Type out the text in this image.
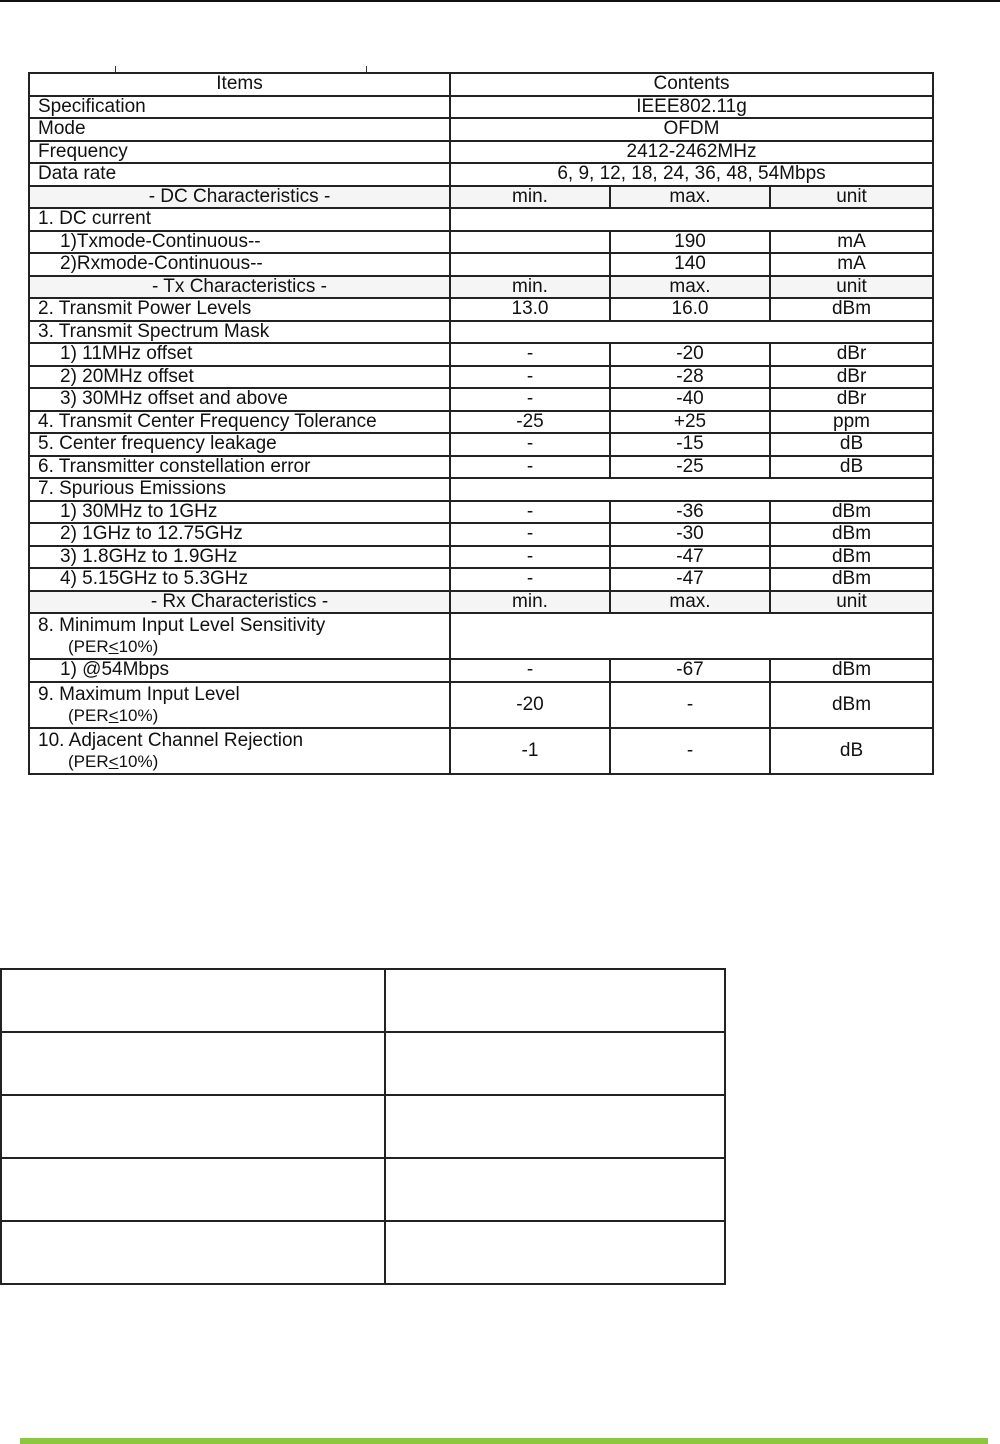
Items	Contents		
Specification	IEEE802.11g		
Mode	OFDM		
Frequency	2412-2462MHz		
Data rate	6, 9, 12, 18, 24, 36, 48, 54Mbps		
- DC Characteristics -	min.	max.	unit
1. DC current			
1)Txmode-Continuous--		190	mA
2)Rxmode-Continuous--		140	mA
- Tx Characteristics -	min.	max.	unit
2. Transmit Power Levels	13.0	16.0	dBm
3. Transmit Spectrum Mask			
1) 11MHz offset	-	-20	dBr
2) 20MHz offset	-	-28	dBr
3) 30MHz offset and above	-	-40	dBr
4. Transmit Center Frequency Tolerance	-25	+25	ppm
5. Center frequency leakage	-	-15	dB
6. Transmitter constellation error	-	-25	dB
7. Spurious Emissions			
1) 30MHz to 1GHz	-	-36	dBm
2) 1GHz to 12.75GHz	-	-30	dBm
3) 1.8GHz to 1.9GHz	-	-47	dBm
4) 5.15GHz to 5.3GHz	-	-47	dBm
- Rx Characteristics -	min.	max.	unit
8. Minimum Input Level Sensitivity
(PER<10%)			

1) @54Mbps	-	-67	dBm
9. Maximum Input Level
(PER<10%)	-20	-	dBm
10. Adjacent Channel Rejection
(PER<10%)	-1	-	dB
